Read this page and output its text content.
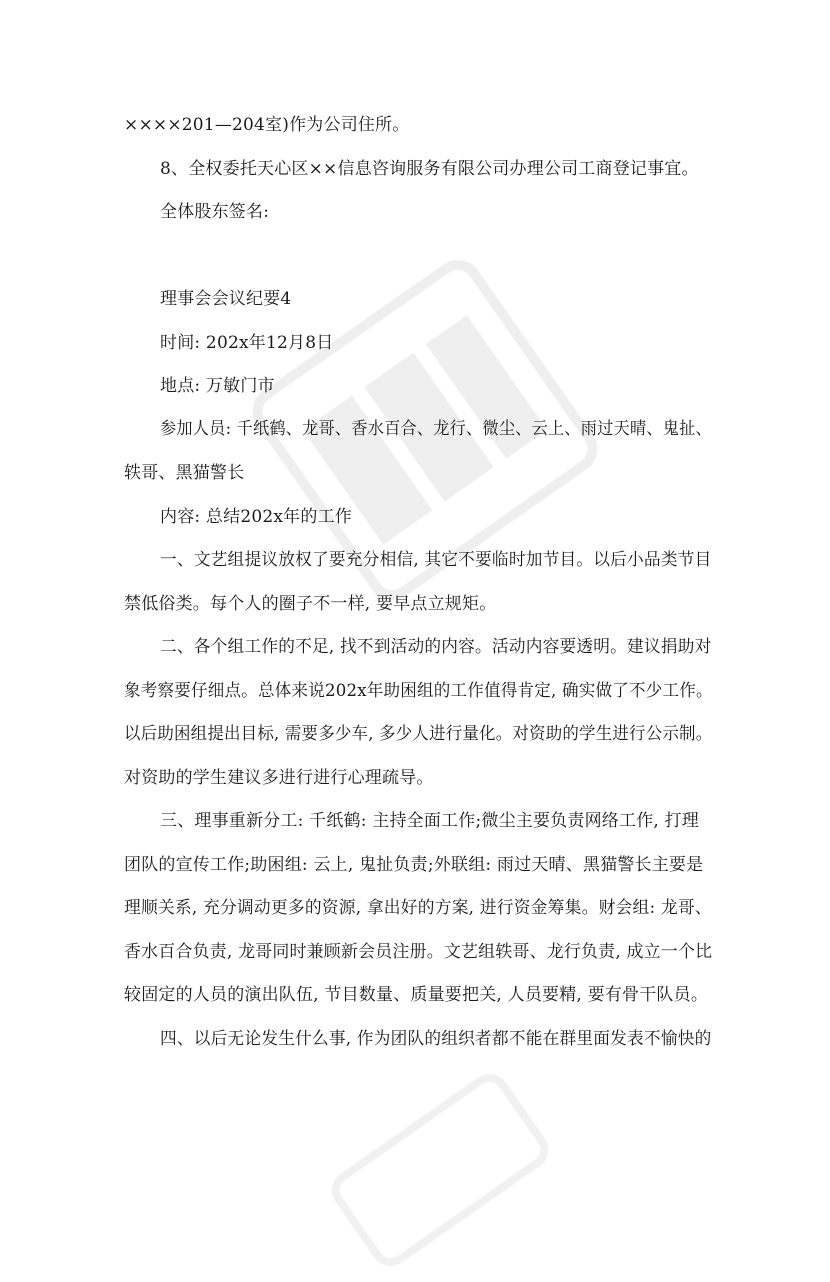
××××201—204室)作为公司住所。
8、全权委托天心区××信息咨询服务有限公司办理公司工商登记事宜。
全体股东签名:
理事会会议纪要4
时间: 202x年12月8日
地点: 万敏门市
参加人员: 千纸鹤、龙哥、香水百合、龙行、微尘、云上、雨过天晴、鬼扯、
轶哥、黑猫警长
内容: 总结202x年的工作
一、文艺组提议放权了要充分相信, 其它不要临时加节目。以后小品类节目
禁低俗类。每个人的圈子不一样, 要早点立规矩。
二、各个组工作的不足, 找不到活动的内容。活动内容要透明。建议捐助对
象考察要仔细点。总体来说202x年助困组的工作值得肯定, 确实做了不少工作。
以后助困组提出目标, 需要多少车, 多少人进行量化。对资助的学生进行公示制。
对资助的学生建议多进行进行心理疏导。
三、理事重新分工: 千纸鹤: 主持全面工作;微尘主要负责网络工作, 打理
团队的宣传工作;助困组: 云上, 鬼扯负责;外联组: 雨过天晴、黑猫警长主要是
理顺关系, 充分调动更多的资源, 拿出好的方案, 进行资金筹集。财会组: 龙哥、
香水百合负责, 龙哥同时兼顾新会员注册。文艺组轶哥、龙行负责, 成立一个比
较固定的人员的演出队伍, 节目数量、质量要把关, 人员要精, 要有骨干队员。
四、以后无论发生什么事, 作为团队的组织者都不能在群里面发表不愉快的
